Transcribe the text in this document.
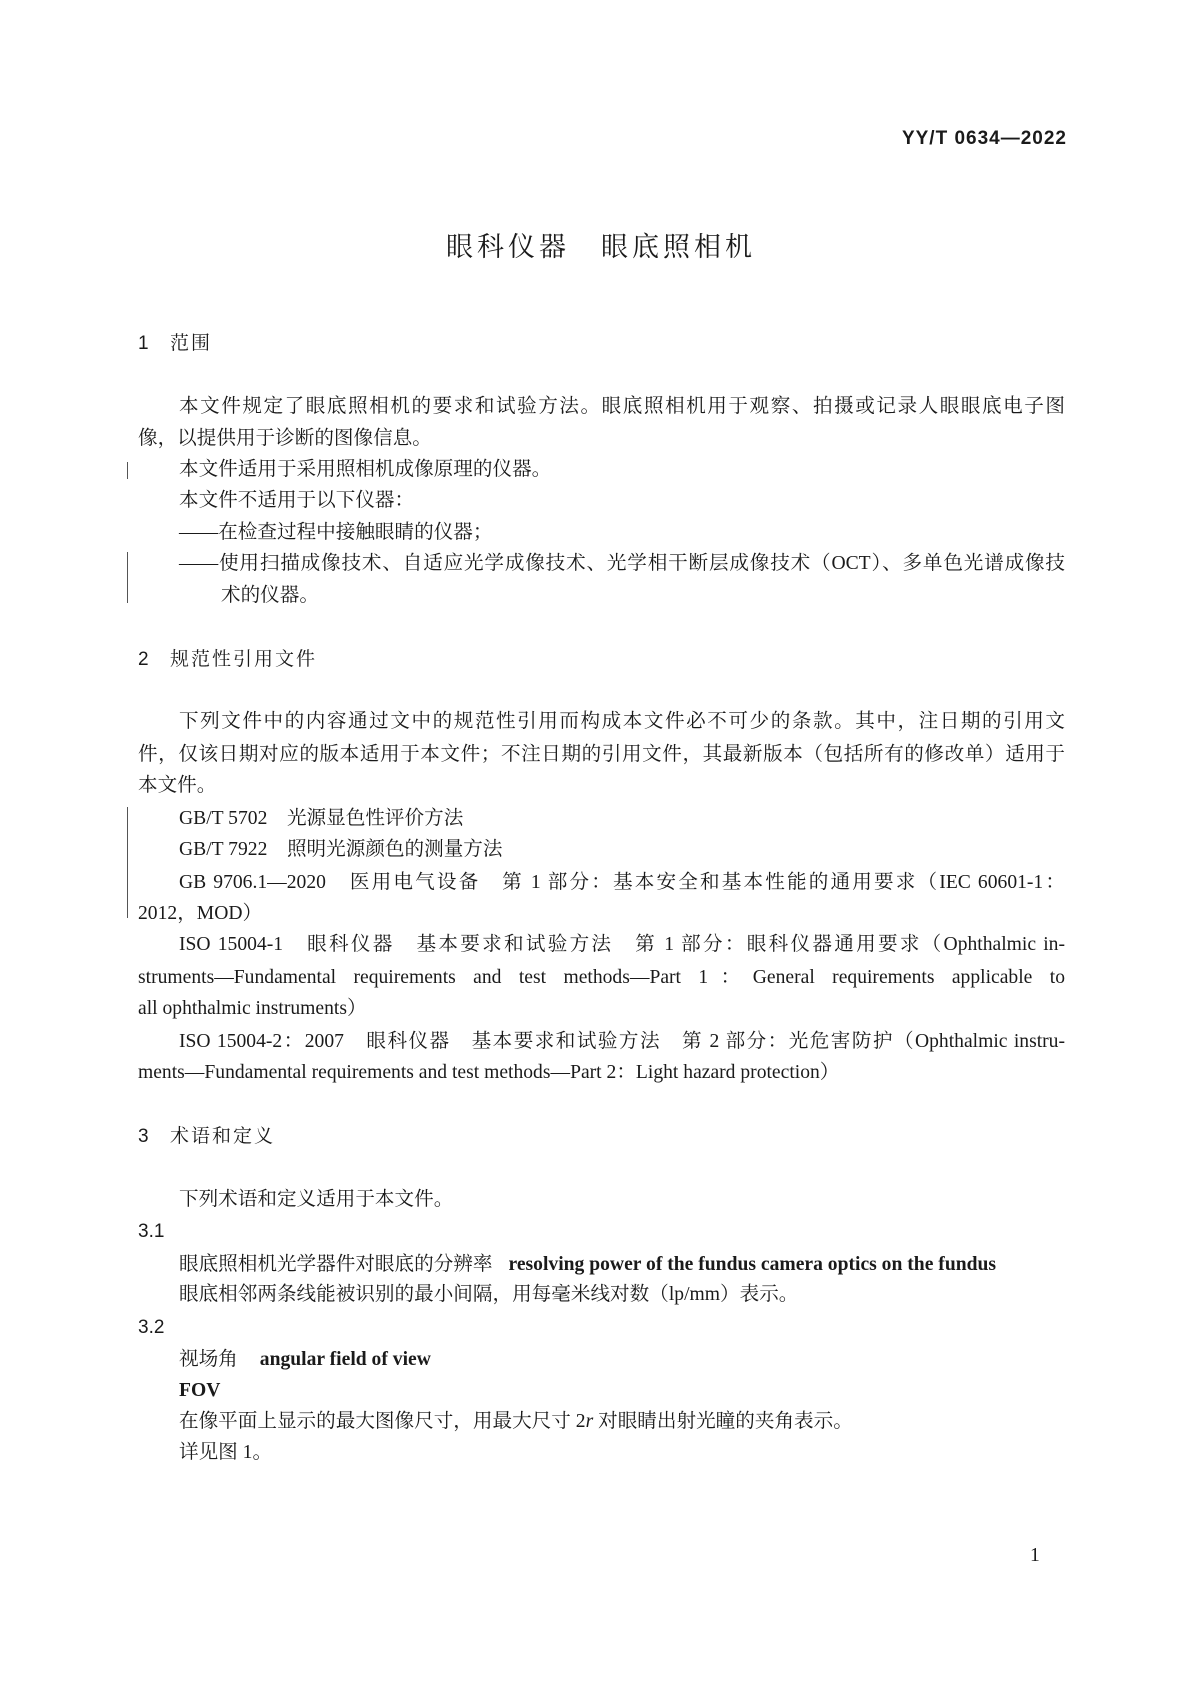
YY/T 0634—2022
眼科仪器　眼底照相机
1 范围
本文件规定了眼底照相机的要求和试验方法。眼底照相机用于观察、拍摄或记录人眼眼底电子图
像，以提供用于诊断的图像信息。
本文件适用于采用照相机成像原理的仪器。
本文件不适用于以下仪器：
——在检查过程中接触眼睛的仪器；
——使用扫描成像技术、自适应光学成像技术、光学相干断层成像技术（OCT）、多单色光谱成像技
术的仪器。
2 规范性引用文件
下列文件中的内容通过文中的规范性引用而构成本文件必不可少的条款。其中，注日期的引用文
件，仅该日期对应的版本适用于本文件；不注日期的引用文件，其最新版本（包括所有的修改单）适用于
本文件。
GB/T 5702　光源显色性评价方法
GB/T 7922　照明光源颜色的测量方法
GB 9706.1—2020　医用电气设备　第 1 部分：基本安全和基本性能的通用要求（IEC 60601-1：
2012，MOD）
ISO 15004-1　眼科仪器　基本要求和试验方法　第 1 部分：眼科仪器通用要求（Ophthalmic in-
struments—Fundamental requirements and test methods—Part 1：General requirements applicable to
all ophthalmic instruments）
ISO 15004-2：2007　眼科仪器　基本要求和试验方法　第 2 部分：光危害防护（Ophthalmic instru-
ments—Fundamental requirements and test methods—Part 2：Light hazard protection）
3 术语和定义
下列术语和定义适用于本文件。
3.1
眼底照相机光学器件对眼底的分辨率 resolving power of the fundus camera optics on the fundus
眼底相邻两条线能被识别的最小间隔，用每毫米线对数（lp/mm）表示。
3.2
视场角 angular field of view
FOV
在像平面上显示的最大图像尺寸，用最大尺寸 2r 对眼睛出射光瞳的夹角表示。
详见图 1。
1
